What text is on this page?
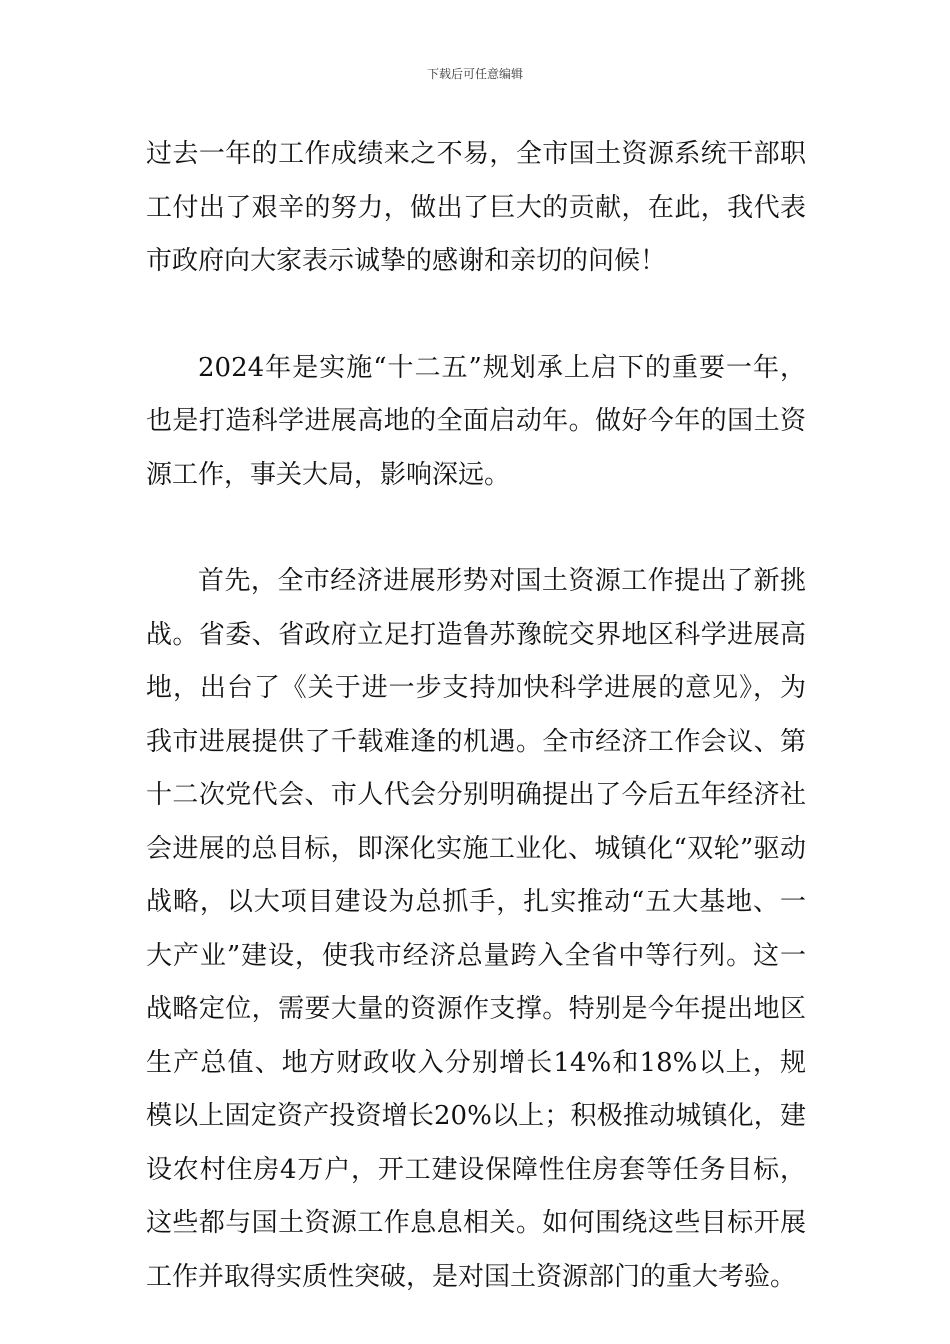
下载后可任意编辑

过去一年的工作成绩来之不易，全市国土资源系统干部职工付出了艰辛的努力，做出了巨大的贡献，在此，我代表市政府向大家表示诚挚的感谢和亲切的问候！

2024年是实施“十二五”规划承上启下的重要一年，也是打造科学进展高地的全面启动年。做好今年的国土资源工作，事关大局，影响深远。

首先，全市经济进展形势对国土资源工作提出了新挑战。省委、省政府立足打造鲁苏豫皖交界地区科学进展高地，出台了《关于进一步支持加快科学进展的意见》，为我市进展提供了千载难逢的机遇。全市经济工作会议、第十二次党代会、市人代会分别明确提出了今后五年经济社会进展的总目标，即深化实施工业化、城镇化“双轮”驱动战略，以大项目建设为总抓手，扎实推动“五大基地、一大产业”建设，使我市经济总量跨入全省中等行列。这一战略定位，需要大量的资源作支撑。特别是今年提出地区生产总值、地方财政收入分别增长14%和18%以上，规模以上固定资产投资增长20%以上；积极推动城镇化，建设农村住房4万户，开工建设保障性住房套等任务目标，这些都与国土资源工作息息相关。如何围绕这些目标开展工作并取得实质性突破，是对国土资源部门的重大考验。
